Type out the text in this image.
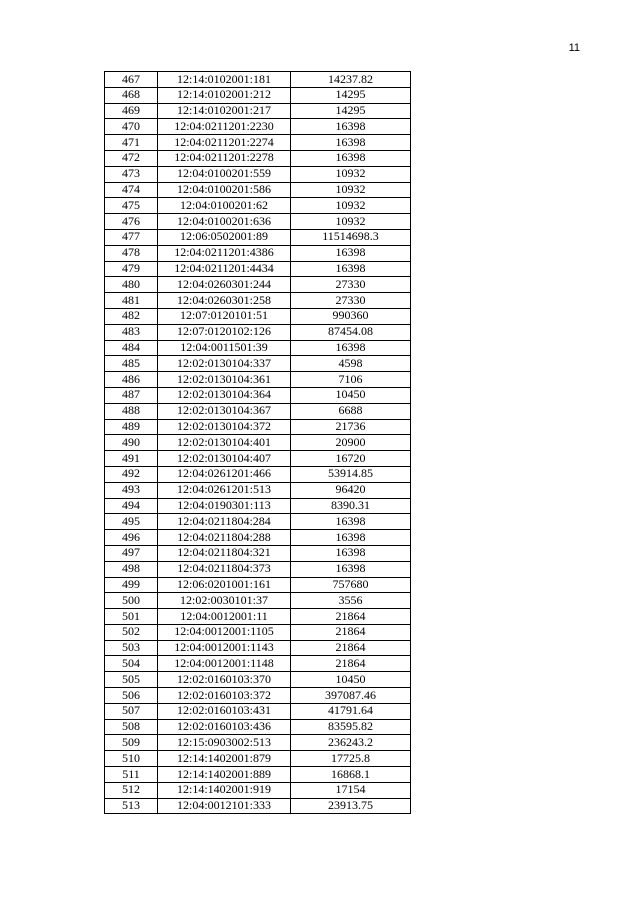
11
467	12:14:0102001:181	14237.82
468	12:14:0102001:212	14295
469	12:14:0102001:217	14295
470	12:04:0211201:2230	16398
471	12:04:0211201:2274	16398
472	12:04:0211201:2278	16398
473	12:04:0100201:559	10932
474	12:04:0100201:586	10932
475	12:04:0100201:62	10932
476	12:04:0100201:636	10932
477	12:06:0502001:89	11514698.3
478	12:04:0211201:4386	16398
479	12:04:0211201:4434	16398
480	12:04:0260301:244	27330
481	12:04:0260301:258	27330
482	12:07:0120101:51	990360
483	12:07:0120102:126	87454.08
484	12:04:0011501:39	16398
485	12:02:0130104:337	4598
486	12:02:0130104:361	7106
487	12:02:0130104:364	10450
488	12:02:0130104:367	6688
489	12:02:0130104:372	21736
490	12:02:0130104:401	20900
491	12:02:0130104:407	16720
492	12:04:0261201:466	53914.85
493	12:04:0261201:513	96420
494	12:04:0190301:113	8390.31
495	12:04:0211804:284	16398
496	12:04:0211804:288	16398
497	12:04:0211804:321	16398
498	12:04:0211804:373	16398
499	12:06:0201001:161	757680
500	12:02:0030101:37	3556
501	12:04:0012001:11	21864
502	12:04:0012001:1105	21864
503	12:04:0012001:1143	21864
504	12:04:0012001:1148	21864
505	12:02:0160103:370	10450
506	12:02:0160103:372	397087.46
507	12:02:0160103:431	41791.64
508	12:02:0160103:436	83595.82
509	12:15:0903002:513	236243.2
510	12:14:1402001:879	17725.8
511	12:14:1402001:889	16868.1
512	12:14:1402001:919	17154
513	12:04:0012101:333	23913.75
